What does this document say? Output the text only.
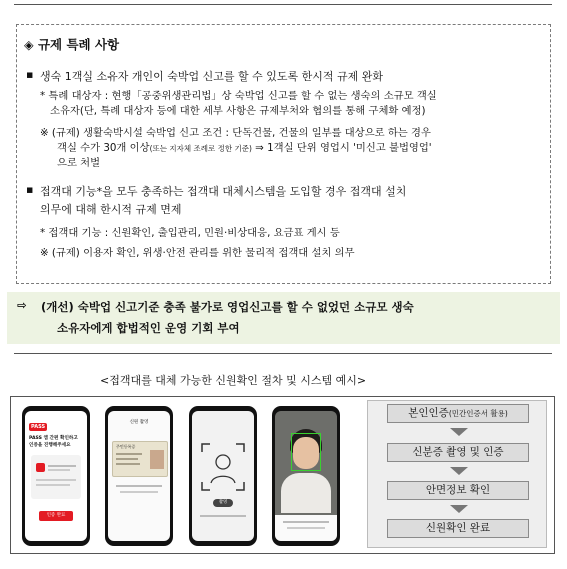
◈ 규제 특례 사항
▪ 생숙 1객실 소유자 개인이 숙박업 신고를 할 수 있도록 한시적 규제 완화
* 특례 대상자 : 현행「공중위생관리법」상 숙박업 신고를 할 수 없는 생숙의 소규모 객실
소유자(단, 특례 대상자 등에 대한 세부 사항은 규제부처와 협의를 통해 구체화 예정)
※ (규제) 생활숙박시설 숙박업 신고 조건 : 단독건물, 건물의 일부를 대상으로 하는 경우
객실 수가 30개 이상(또는 지자체 조례로 정한 기준) ⇒ 1객실 단위 영업시 '미신고 불법영업'
으로 처벌
▪ 접객대 기능*을 모두 충족하는 접객대 대체시스템을 도입할 경우 접객대 설치
의무에 대해 한시적 규제 면제
* 접객대 기능 : 신원확인, 출입관리, 민원·비상대응, 요금표 게시 등
※ (규제) 이용자 확인, 위생·안전 관리를 위한 물리적 접객대 설치 의무
⇨ (개선) 숙박업 신고기준 충족 불가로 영업신고를 할 수 없었던 소규모 생숙
소유자에게 합법적인 운영 기회 부여
<접객대를 대체 가능한 신원확인 절차 및 시스템 예시>
PASS
PASS 앱 간편 확인하고
인증을 진행해주세요
인증 완료
신원 촬영
주민등록증
촬영
본인인증(민간인증서 활용)
신분증 촬영 및 인증
안면정보 확인
신원확인 완료
